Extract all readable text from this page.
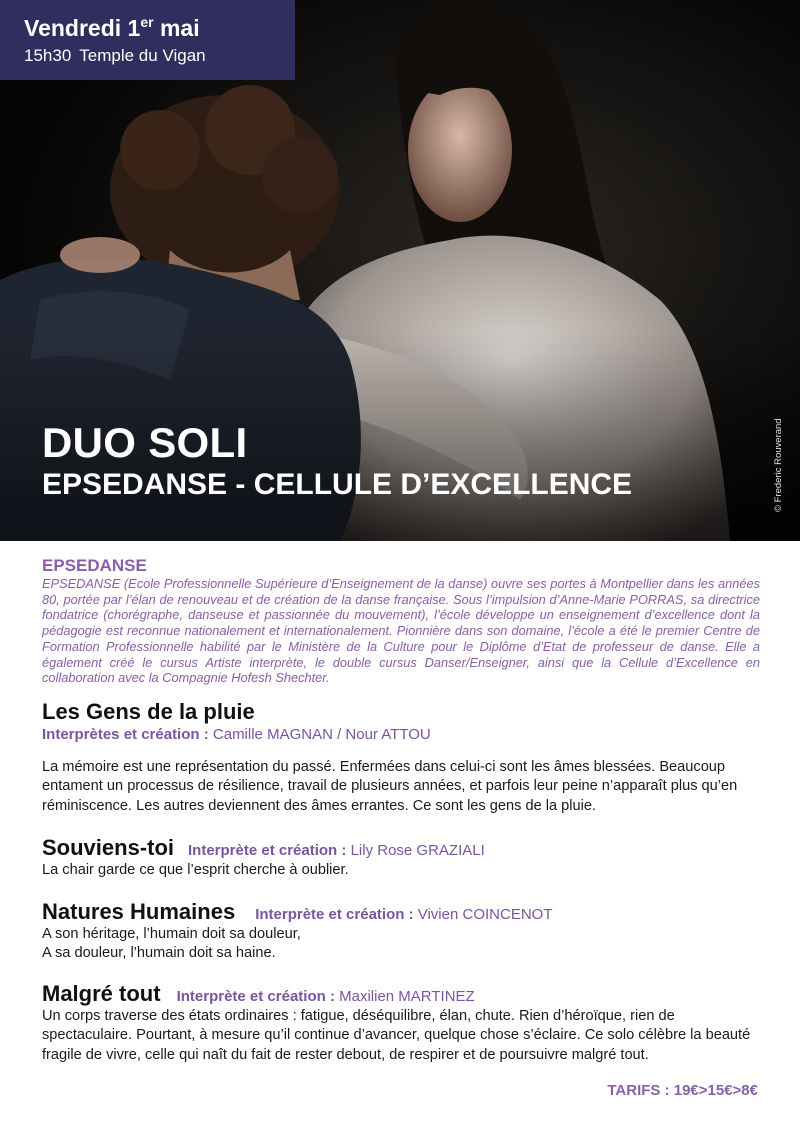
Vendredi 1er mai
15h30 Temple du Vigan
DUO SOLI
EPSEDANSE - CELLULE D’EXCELLENCE	© Frederic Rouverand
EPSEDANSE
EPSEDANSE (Ecole Professionnelle Supérieure d’Enseignement de la danse) ouvre ses portes à Montpellier dans les années 80, portée par l’élan de renouveau et de création de la danse française. Sous l’impulsion d’Anne-Marie PORRAS, sa directrice fondatrice (chorégraphe, danseuse et passionnée du mouvement), l’école développe un enseignement d’excellence dont la pédagogie est reconnue nationalement et internationalement. Pionnière dans son domaine, l’école a été le premier Centre de Formation Professionnelle habilité par le Ministère de la Culture pour le Diplôme d’Etat de professeur de danse. Elle a également créé le cursus Artiste interprète, le double cursus Danser/Enseigner, ainsi que la Cellule d’Excellence en collaboration avec la Compagnie Hofesh Shechter.
Les Gens de la pluie
Interprètes et création : Camille MAGNAN / Nour ATTOU
La mémoire est une représentation du passé. Enfermées dans celui-ci sont les âmes blessées. Beaucoup entament un processus de résilience, travail de plusieurs années, et parfois leur peine n’apparaît plus qu’en réminiscence. Les autres deviennent des âmes errantes. Ce sont les gens de la pluie.
Souviens-toi Interprète et création : Lily Rose GRAZIALI
La chair garde ce que l’esprit cherche à oublier.
Natures Humaines Interprète et création : Vivien COINCENOT
A son héritage, l’humain doit sa douleur,
A sa douleur, l’humain doit sa haine.
Malgré tout Interprète et création : Maxilien MARTINEZ
Un corps traverse des états ordinaires : fatigue, déséquilibre, élan, chute. Rien d’héroïque, rien de spectaculaire. Pourtant, à mesure qu’il continue d’avancer, quelque chose s’éclaire. Ce solo célèbre la beauté fragile de vivre, celle qui naît du fait de rester debout, de respirer et de poursuivre malgré tout.
TARIFS : 19€>15€>8€
